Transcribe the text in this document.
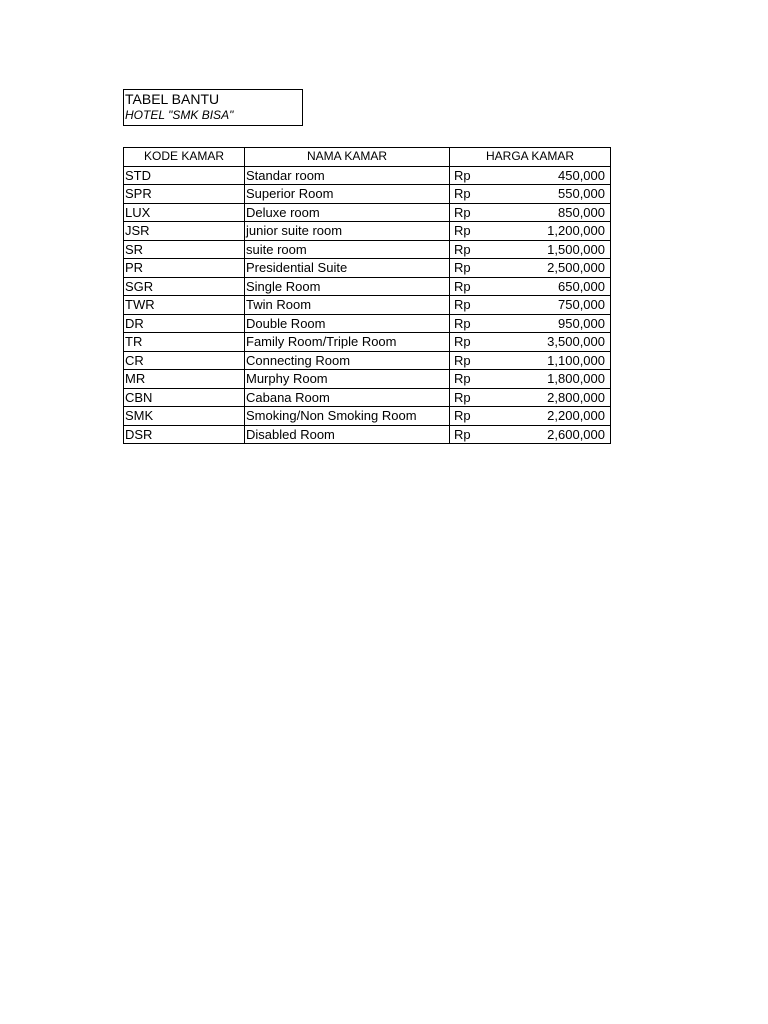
TABEL BANTU
HOTEL "SMK BISA"
KODE KAMAR	NAMA KAMAR	HARGA KAMAR
STD	Standar room	Rp 450,000

SPR	Superior Room	Rp 550,000

LUX	Deluxe room	Rp 850,000

JSR	junior suite room	Rp 1,200,000

SR	suite room	Rp 1,500,000

PR	Presidential Suite	Rp 2,500,000

SGR	Single Room	Rp 650,000

TWR	Twin Room	Rp 750,000

DR	Double Room	Rp 950,000

TR	Family Room/Triple Room	Rp 3,500,000

CR	Connecting Room	Rp 1,100,000

MR	Murphy Room	Rp 1,800,000

CBN	Cabana Room	Rp 2,800,000

SMK	Smoking/Non Smoking Room	Rp 2,200,000

DSR	Disabled Room	Rp 2,600,000
